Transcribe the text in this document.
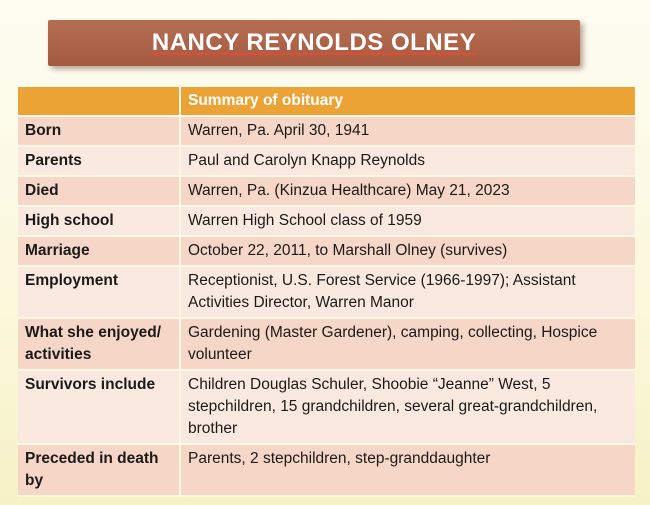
NANCY REYNOLDS OLNEY
	Summary of obituary
Born	Warren, Pa. April 30, 1941
Parents	Paul and Carolyn Knapp Reynolds
Died	Warren, Pa. (Kinzua Healthcare) May 21, 2023
High school	Warren High School class of 1959
Marriage	October 22, 2011, to Marshall Olney (survives)
Employment	Receptionist, U.S. Forest Service (1966-1997); Assistant Activities Director, Warren Manor
What she enjoyed/ activities	Gardening (Master Gardener), camping, collecting, Hospice volunteer
Survivors include	Children Douglas Schuler, Shoobie “Jeanne” West, 5 stepchildren, 15 grandchildren, several great-grandchildren, brother
Preceded in death by	Parents, 2 stepchildren, step-granddaughter
